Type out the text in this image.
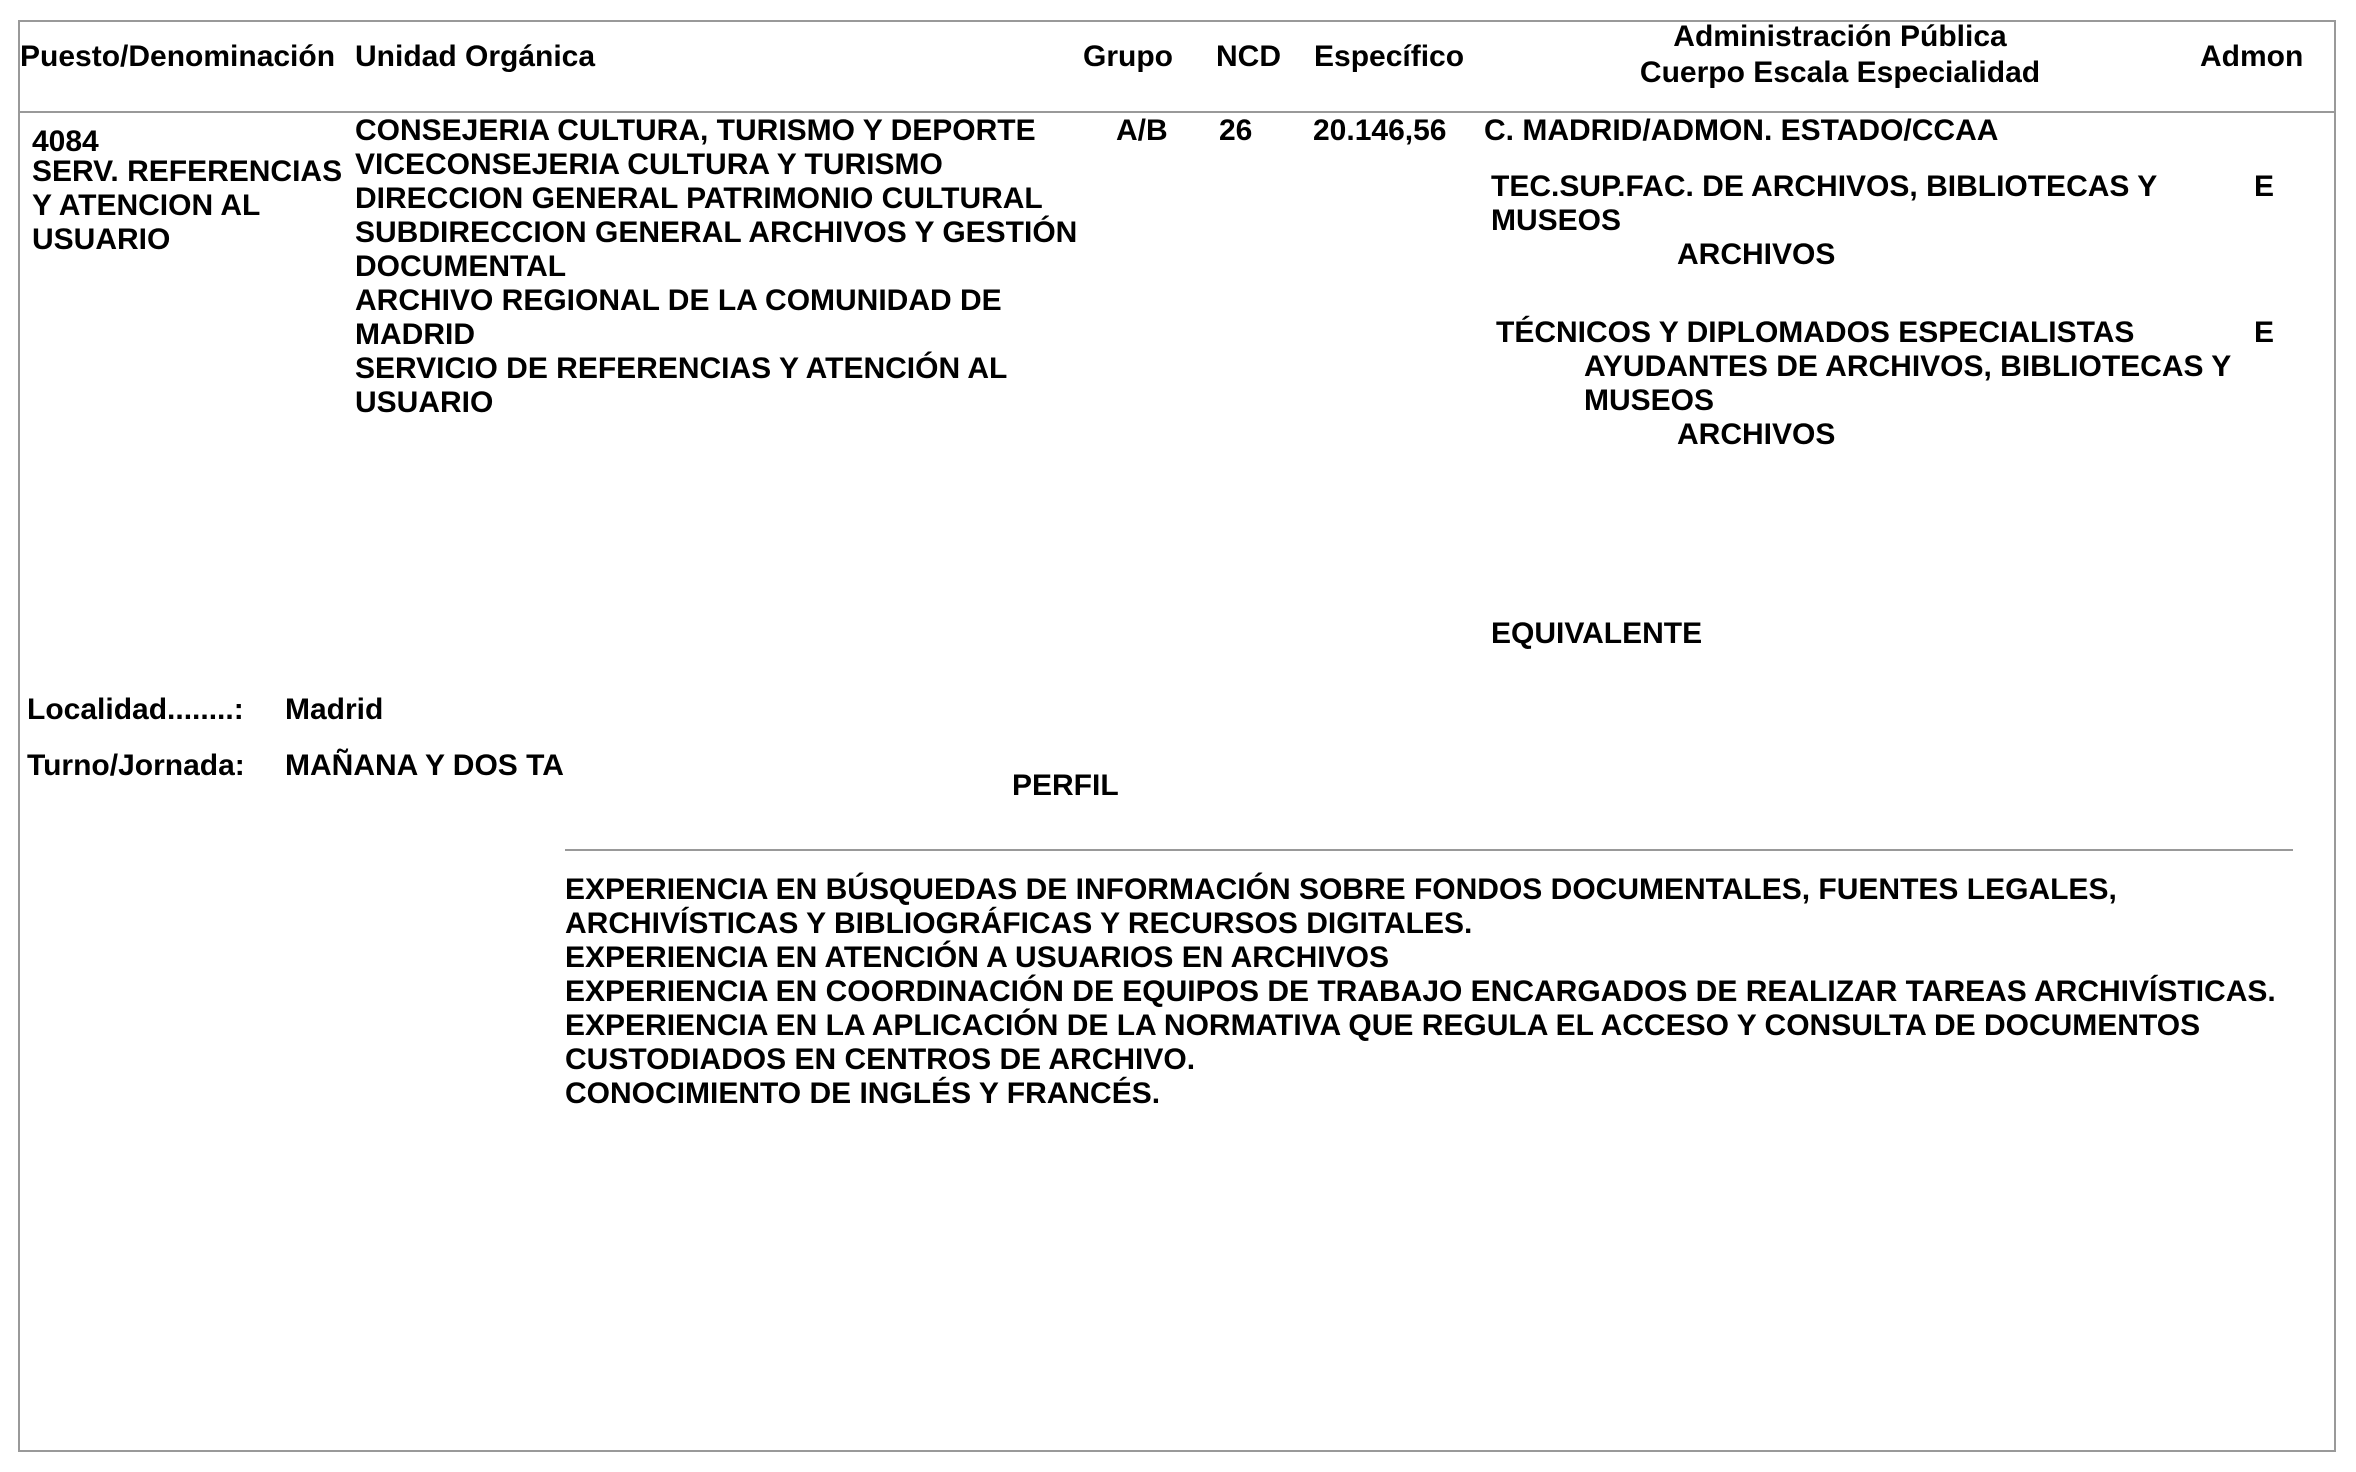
Puesto/Denominación Unidad Orgánica	Grupo NCD Específico
Administración Pública
Cuerpo Escala Especialidad	Admon
4084
SERV. REFERENCIAS
Y ATENCION AL
USUARIO
CONSEJERIA CULTURA, TURISMO Y DEPORTE
VICECONSEJERIA CULTURA Y TURISMO
DIRECCION GENERAL PATRIMONIO CULTURAL
SUBDIRECCION GENERAL ARCHIVOS Y GESTIÓN
DOCUMENTAL
ARCHIVO REGIONAL DE LA COMUNIDAD DE
MADRID
SERVICIO DE REFERENCIAS Y ATENCIÓN AL
USUARIO
A/B 26 20.146,56 C. MADRID/ADMON. ESTADO/CCAA
TEC.SUP.FAC. DE ARCHIVOS, BIBLIOTECAS Y
MUSEOS
ARCHIVOS
E
TÉCNICOS Y DIPLOMADOS ESPECIALISTAS
AYUDANTES DE ARCHIVOS, BIBLIOTECAS Y
MUSEOS
ARCHIVOS
E
EQUIVALENTE
Localidad........: Madrid
Turno/Jornada: MAÑANA Y DOS TA
PERFIL
EXPERIENCIA EN BÚSQUEDAS DE INFORMACIÓN SOBRE FONDOS DOCUMENTALES, FUENTES LEGALES,
ARCHIVÍSTICAS Y BIBLIOGRÁFICAS Y RECURSOS DIGITALES.
EXPERIENCIA EN ATENCIÓN A USUARIOS EN ARCHIVOS
EXPERIENCIA EN COORDINACIÓN DE EQUIPOS DE TRABAJO ENCARGADOS DE REALIZAR TAREAS ARCHIVÍSTICAS.
EXPERIENCIA EN LA APLICACIÓN DE LA NORMATIVA QUE REGULA EL ACCESO Y CONSULTA DE DOCUMENTOS
CUSTODIADOS EN CENTROS DE ARCHIVO.
CONOCIMIENTO DE INGLÉS Y FRANCÉS.
